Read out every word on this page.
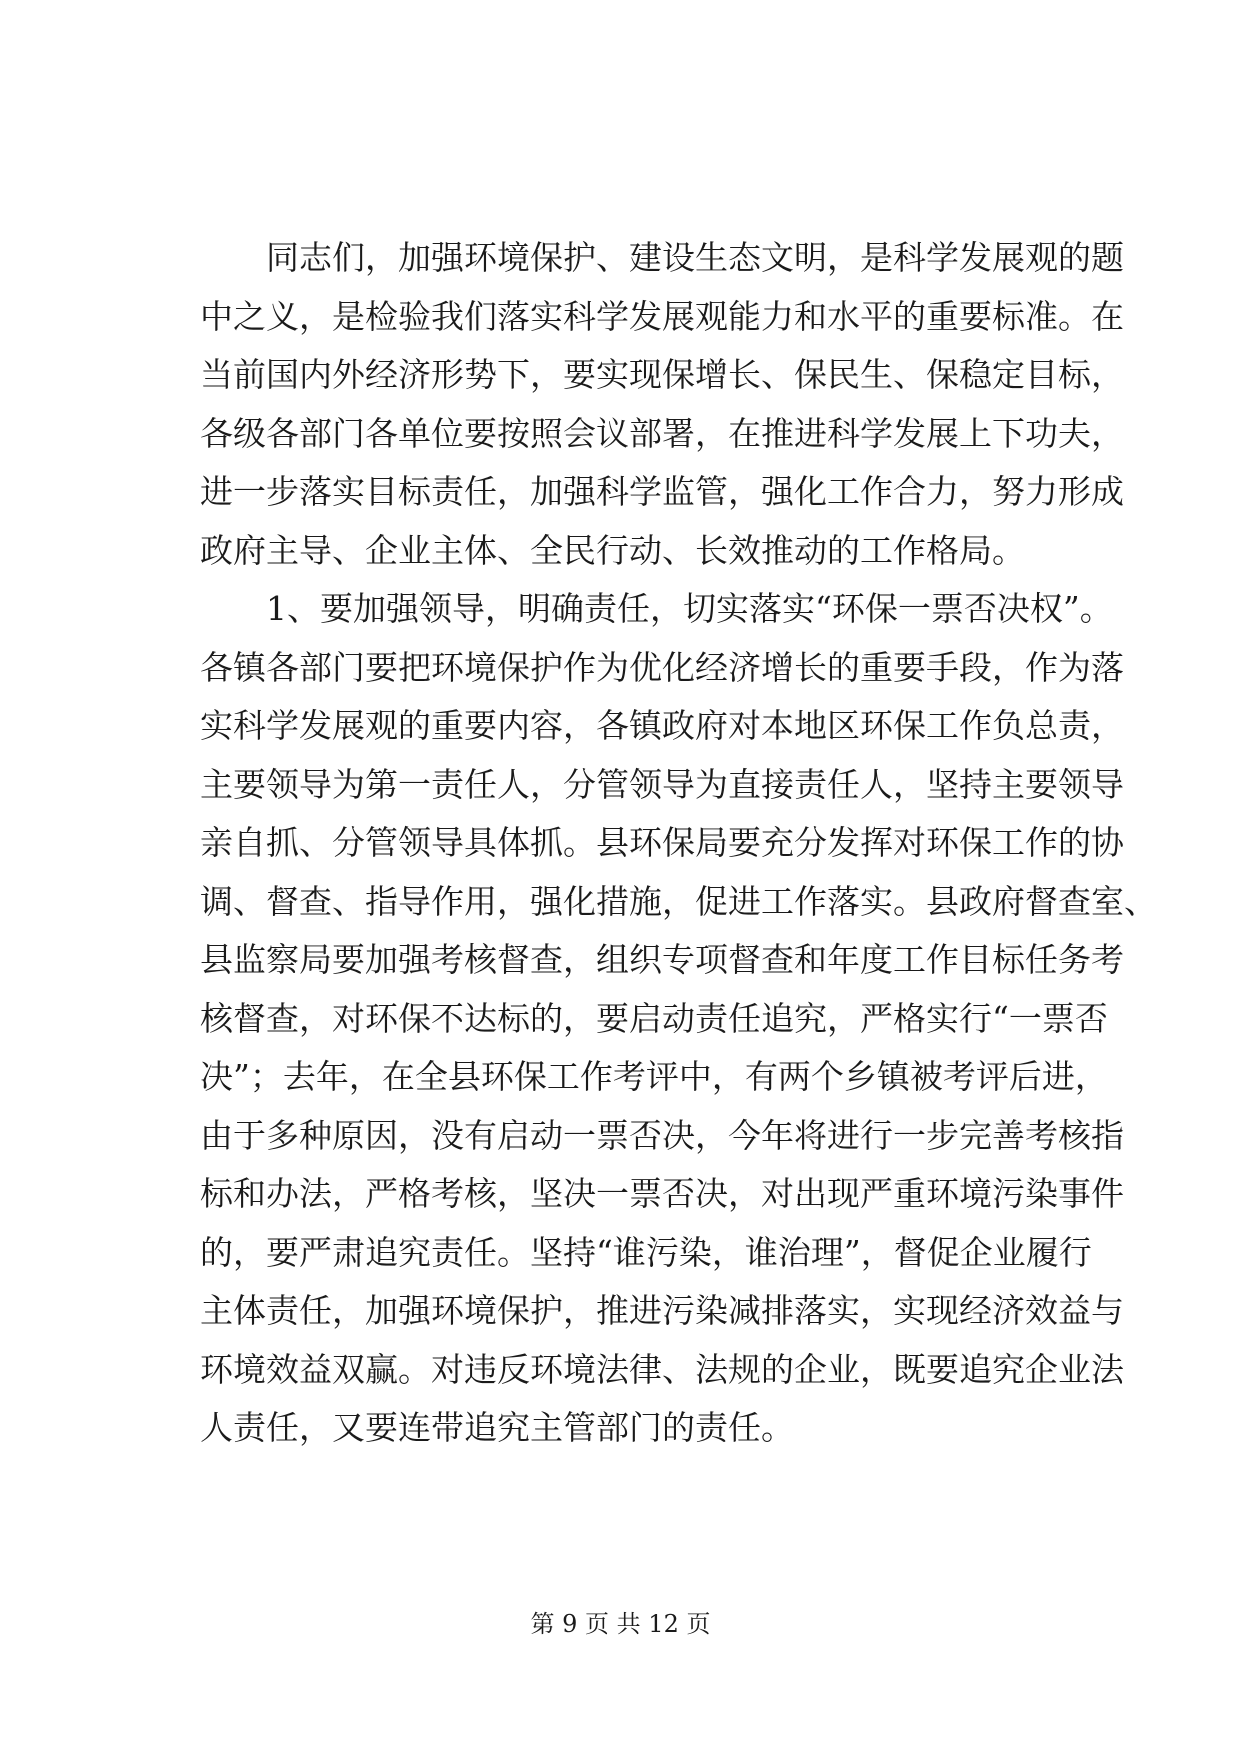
同志们，加强环境保护、建设生态文明，是科学发展观的题
中之义，是检验我们落实科学发展观能力和水平的重要标准。在
当前国内外经济形势下，要实现保增长、保民生、保稳定目标，
各级各部门各单位要按照会议部署，在推进科学发展上下功夫，
进一步落实目标责任，加强科学监管，强化工作合力，努力形成
政府主导、企业主体、全民行动、长效推动的工作格局。
1、要加强领导，明确责任，切实落实“环保一票否决权”。
各镇各部门要把环境保护作为优化经济增长的重要手段，作为落
实科学发展观的重要内容，各镇政府对本地区环保工作负总责，
主要领导为第一责任人，分管领导为直接责任人，坚持主要领导
亲自抓、分管领导具体抓。县环保局要充分发挥对环保工作的协
调、督查、指导作用，强化措施，促进工作落实。县政府督查室、
县监察局要加强考核督查，组织专项督查和年度工作目标任务考
核督查，对环保不达标的，要启动责任追究，严格实行“一票否
决”；去年，在全县环保工作考评中，有两个乡镇被考评后进，
由于多种原因，没有启动一票否决，今年将进行一步完善考核指
标和办法，严格考核，坚决一票否决，对出现严重环境污染事件
的，要严肃追究责任。坚持“谁污染，谁治理”，督促企业履行
主体责任，加强环境保护，推进污染减排落实，实现经济效益与
环境效益双赢。对违反环境法律、法规的企业，既要追究企业法
人责任，又要连带追究主管部门的责任。
第 9 页 共 12 页
